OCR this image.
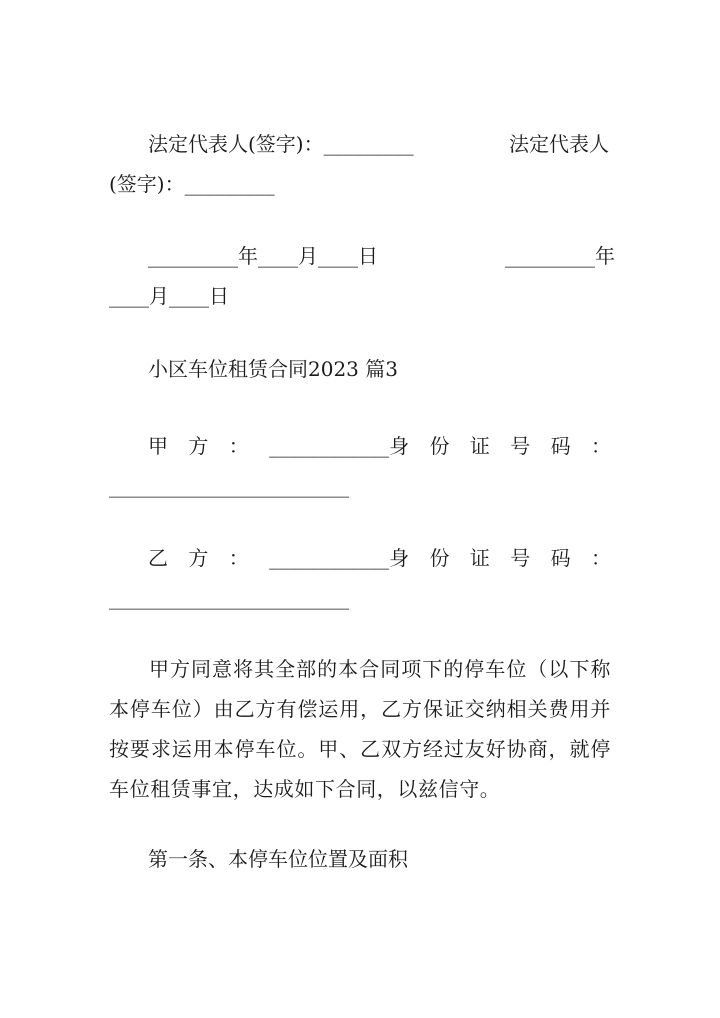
法定代表人(签字)：_________	法定代表人
(签字)：_________
_________年____月____日	_________年
____月____日
小区车位租赁合同2023 篇3
甲 方 ： ____________身 份 证 号 码 ：
________________________
乙 方 ： ____________身 份 证 号 码 ：
________________________
甲方同意将其全部的本合同项下的停车位（以下称本停车位）由乙方有偿运用，乙方保证交纳相关费用并按要求运用本停车位。甲、乙双方经过友好协商，就停车位租赁事宜，达成如下合同，以兹信守。
第一条、本停车位位置及面积
